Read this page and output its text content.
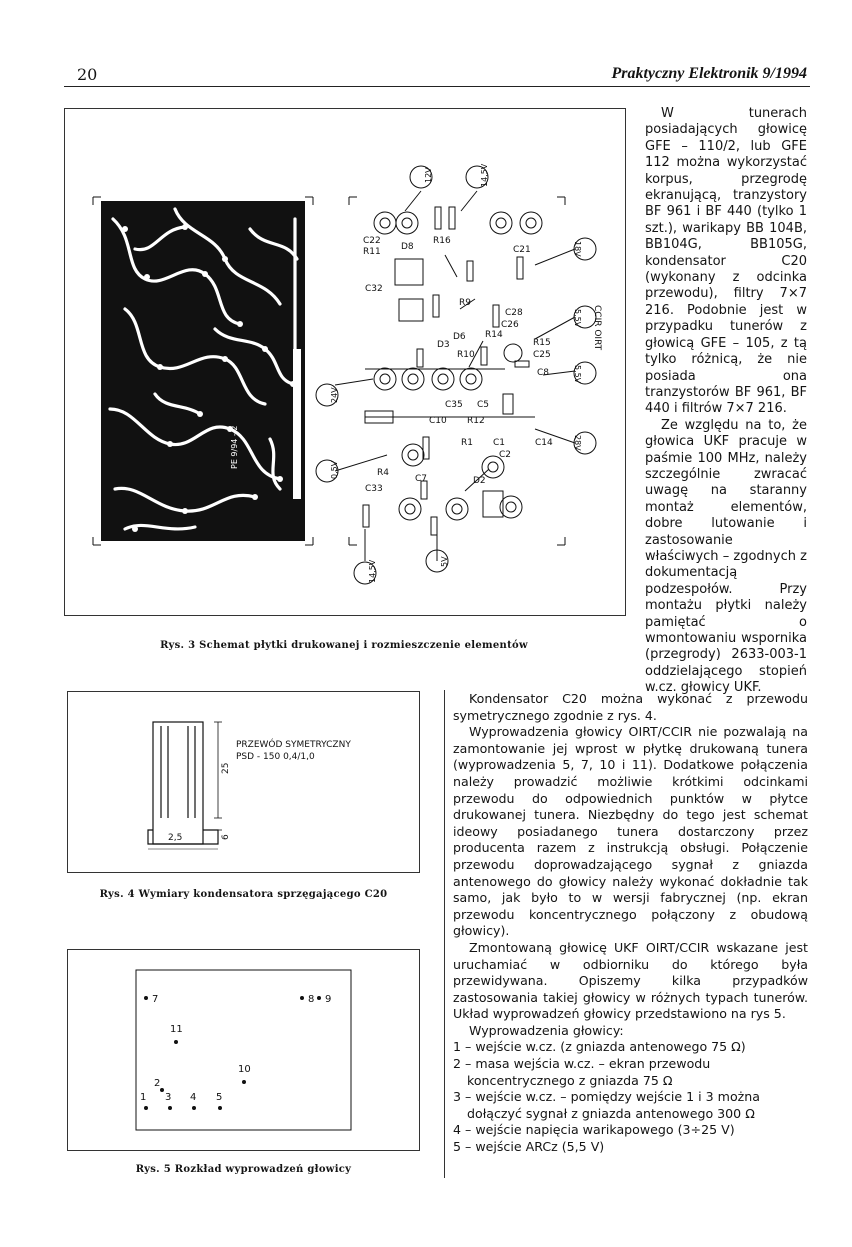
20	Praktyczny Elektronik 9/1994
PE 9/94 - 2
C22
R11 D8
R16
C21
C32
R9
C28
C26
D6 R14
R15
D3
C25
R10
C8
C35 C5
C10 R12
R1 C1	C14
C2
D2
C33
R4
C7
CCIR OIRT
12V	14,5V
18V
5,5V
24V
0,5V
14,5V	5V
5,5V
28V
Rys. 3 Schemat płytki drukowanej i rozmieszczenie elementów

W tunerach posiadających głowicę GFE – 110/2, lub GFE 112 można wykorzystać korpus, przegrodę ekranującą, tranzystory BF 961 i BF 440 (tylko 1 szt.), warikapy BB 104B, BB104G, BB105G, kondensator C20 (wykonany z odcinka przewodu), filtry 7×7 216. Podobnie jest w przypadku tunerów z głowicą GFE – 105, z tą tylko różnicą, że nie posiada ona tranzystorów BF 961, BF 440 i filtrów 7×7 216.

Ze względu na to, że głowica UKF pracuje w paśmie 100 MHz, należy szczególnie zwracać uwagę na staranny montaż elementów, dobre lutowanie i zastosowanie właściwych – zgodnych z dokumentacją podzespołów. Przy montażu płytki należy pamiętać o wmontowaniu wspornika (przegrody) 2633-003-1 oddzielającego stopień w.cz. głowicy UKF.

PRZEWÓD SYMETRYCZNY
PSD - 150 0,4/1,0
25
2,5	6
Rys. 4 Wymiary kondensatora sprzęgającego C20
7	8 9
11
10
2
1 3 4 5
Rys. 5 Rozkład wyprowadzeń głowicy

Kondensator C20 można wykonać z przewodu symetrycznego zgodnie z rys. 4.

Wyprowadzenia głowicy OIRT/CCIR nie pozwalają na zamontowanie jej wprost w płytkę drukowaną tunera (wyprowadzenia 5, 7, 10 i 11). Dodatkowe połączenia należy prowadzić możliwie krótkimi odcinkami przewodu do odpowiednich punktów w płytce drukowanej tunera. Niezbędny do tego jest schemat ideowy posiadanego tunera dostarczony przez producenta razem z instrukcją obsługi. Połączenie przewodu doprowadzającego sygnał z gniazda antenowego do głowicy należy wykonać dokładnie tak samo, jak było to w wersji fabrycznej (np. ekran przewodu koncentrycznego połączony z obudową głowicy).

Zmontowaną głowicę UKF OIRT/CCIR wskazane jest uruchamiać w odbiorniku do którego była przewidywana. Opiszemy kilka przypadków zastosowania takiej głowicy w różnych typach tunerów. Układ wyprowadzeń głowicy przedstawiono na rys 5.

Wyprowadzenia głowicy:

1 – wejście w.cz. (z gniazda antenowego 75 Ω)

2 – masa wejścia w.cz. – ekran przewodu koncentrycznego z gniazda 75 Ω

3 – wejście w.cz. – pomiędzy wejście 1 i 3 można dołączyć sygnał z gniazda antenowego 300 Ω

4 – wejście napięcia warikapowego (3÷25 V)

5 – wejście ARCz (5,5 V)
